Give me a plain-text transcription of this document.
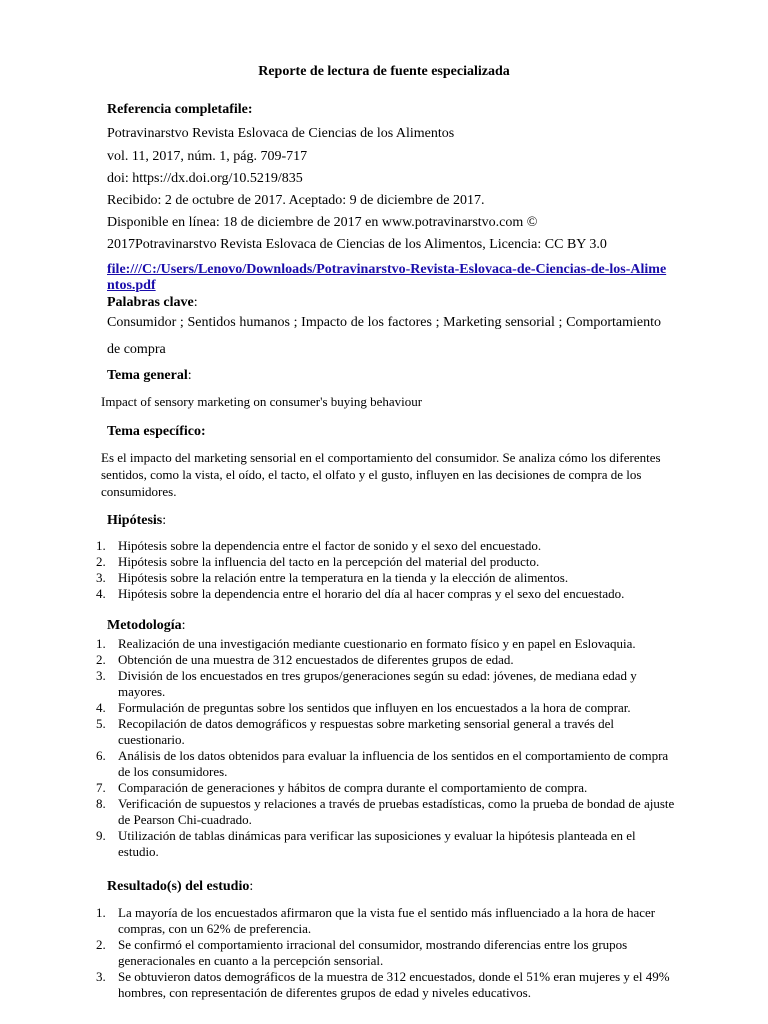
Reporte de lectura de fuente especializada
Referencia completafile:
Potravinarstvo Revista Eslovaca de Ciencias de los Alimentos
vol. 11, 2017, núm. 1, pág. 709-717
doi: https://dx.doi.org/10.5219/835
Recibido: 2 de octubre de 2017. Aceptado: 9 de diciembre de 2017.
Disponible en línea: 18 de diciembre de 2017 en www.potravinarstvo.com ©
2017Potravinarstvo Revista Eslovaca de Ciencias de los Alimentos, Licencia: CC BY 3.0
file:///C:/Users/Lenovo/Downloads/Potravinarstvo-Revista-Eslovaca-de-Ciencias-de-los-Alimentos.pdf
Palabras clave:
Consumidor ; Sentidos humanos ; Impacto de los factores ; Marketing sensorial ; Comportamiento de compra
Tema general:
Impact of sensory marketing on consumer's buying behaviour
Tema específico:
Es el impacto del marketing sensorial en el comportamiento del consumidor. Se analiza cómo los diferentes sentidos, como la vista, el oído, el tacto, el olfato y el gusto, influyen en las decisiones de compra de los consumidores.
Hipótesis:
1. Hipótesis sobre la dependencia entre el factor de sonido y el sexo del encuestado.
2. Hipótesis sobre la influencia del tacto en la percepción del material del producto.
3. Hipótesis sobre la relación entre la temperatura en la tienda y la elección de alimentos.
4. Hipótesis sobre la dependencia entre el horario del día al hacer compras y el sexo del encuestado.
Metodología:
1. Realización de una investigación mediante cuestionario en formato físico y en papel en Eslovaquia.
2. Obtención de una muestra de 312 encuestados de diferentes grupos de edad.
3. División de los encuestados en tres grupos/generaciones según su edad: jóvenes, de mediana edad y mayores.
4. Formulación de preguntas sobre los sentidos que influyen en los encuestados a la hora de comprar.
5. Recopilación de datos demográficos y respuestas sobre marketing sensorial general a través del cuestionario.
6. Análisis de los datos obtenidos para evaluar la influencia de los sentidos en el comportamiento de compra de los consumidores.
7. Comparación de generaciones y hábitos de compra durante el comportamiento de compra.
8. Verificación de supuestos y relaciones a través de pruebas estadísticas, como la prueba de bondad de ajuste de Pearson Chi-cuadrado.
9. Utilización de tablas dinámicas para verificar las suposiciones y evaluar la hipótesis planteada en el estudio.
Resultado(s) del estudio:
1. La mayoría de los encuestados afirmaron que la vista fue el sentido más influenciado a la hora de hacer compras, con un 62% de preferencia.
2. Se confirmó el comportamiento irracional del consumidor, mostrando diferencias entre los grupos generacionales en cuanto a la percepción sensorial.
3. Se obtuvieron datos demográficos de la muestra de 312 encuestados, donde el 51% eran mujeres y el 49% hombres, con representación de diferentes grupos de edad y niveles educativos.
